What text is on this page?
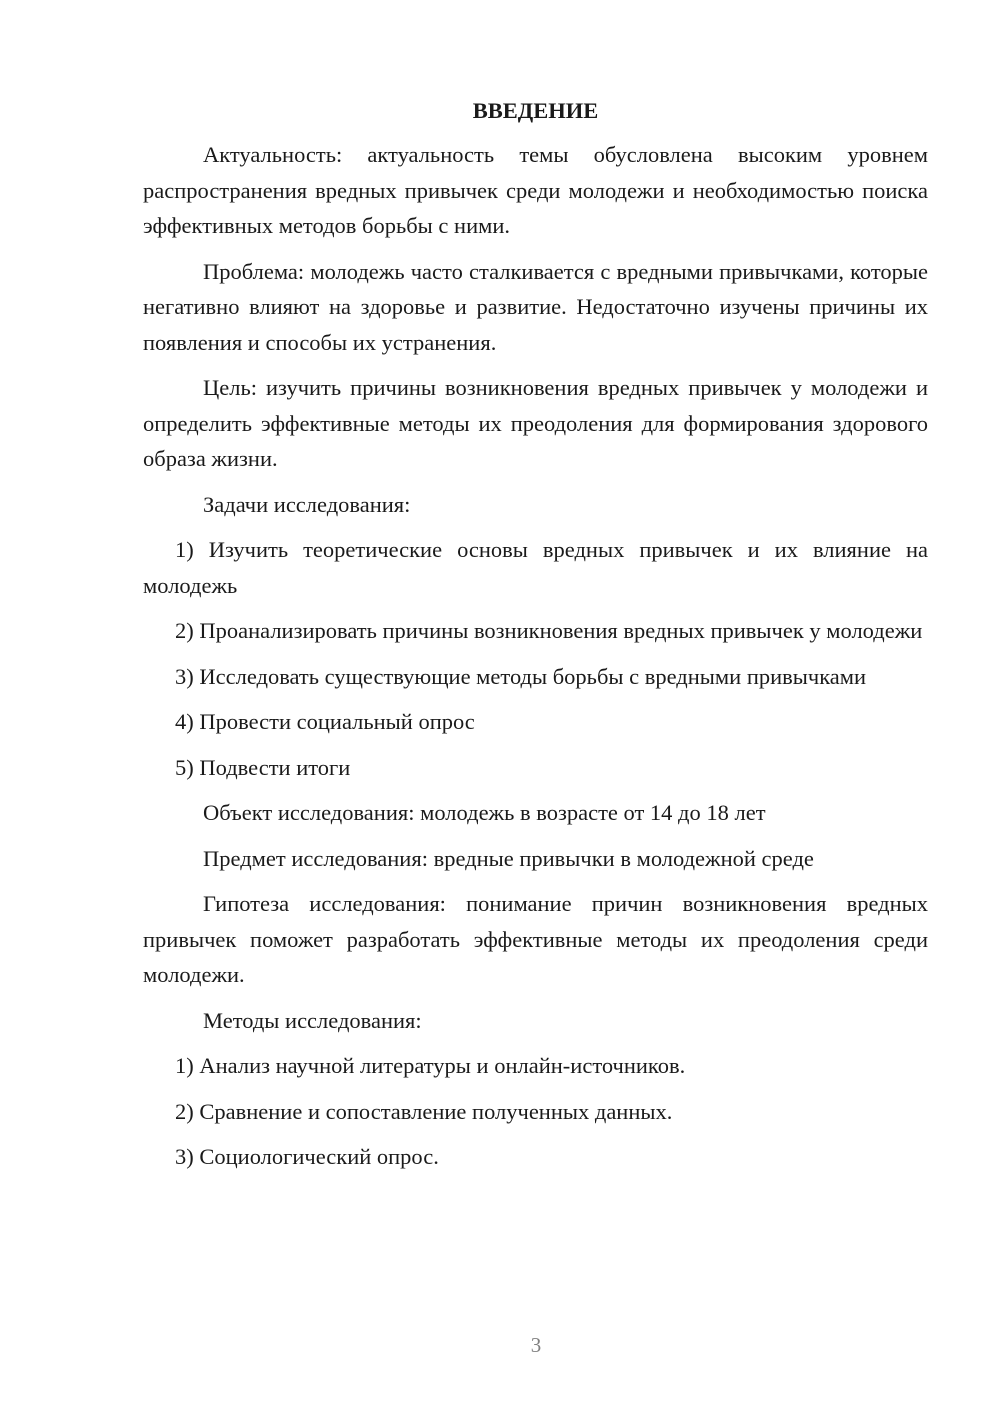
ВВЕДЕНИЕ

Актуальность: актуальность темы обусловлена высоким уровнем распространения вредных привычек среди молодежи и необходимостью поиска эффективных методов борьбы с ними.

Проблема: молодежь часто сталкивается с вредными привычками, которые негативно влияют на здоровье и развитие. Недостаточно изучены причины их появления и способы их устранения.

Цель: изучить причины возникновения вредных привычек у молодежи и определить эффективные методы их преодоления для формирования здорового образа жизни.

Задачи исследования:

1) Изучить теоретические основы вредных привычек и их влияние на молодежь

2) Проанализировать причины возникновения вредных привычек у молодежи

3) Исследовать существующие методы борьбы с вредными привычками

4) Провести социальный опрос

5) Подвести итоги

Объект исследования: молодежь в возрасте от 14 до 18 лет

Предмет исследования: вредные привычки в молодежной среде

Гипотеза исследования: понимание причин возникновения вредных привычек поможет разработать эффективные методы их преодоления среди молодежи.

Методы исследования:

1) Анализ научной литературы и онлайн-источников.

2) Сравнение и сопоставление полученных данных.

3) Социологический опрос.

3
